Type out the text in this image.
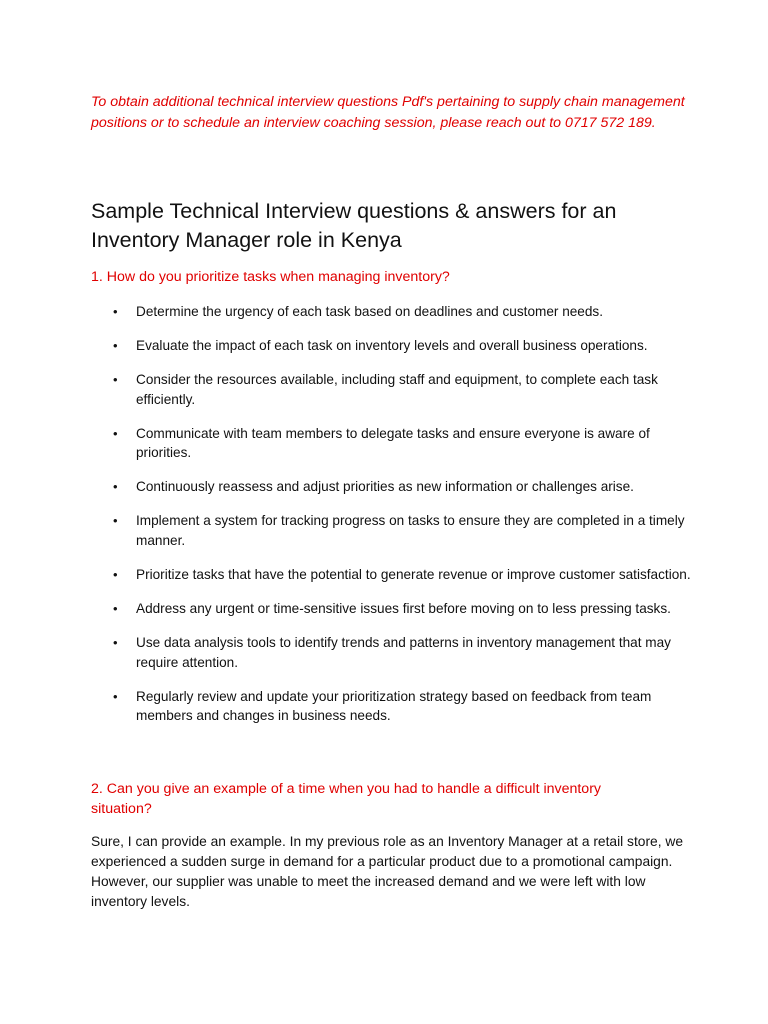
To obtain additional technical interview questions Pdf's pertaining to supply chain management positions or to schedule an interview coaching session, please reach out to 0717 572 189.

Sample Technical Interview questions & answers for an Inventory Manager role in Kenya
1. How do you prioritize tasks when managing inventory?
• Determine the urgency of each task based on deadlines and customer needs.
• Evaluate the impact of each task on inventory levels and overall business operations.
• Consider the resources available, including staff and equipment, to complete each task efficiently.
• Communicate with team members to delegate tasks and ensure everyone is aware of priorities.
• Continuously reassess and adjust priorities as new information or challenges arise.
• Implement a system for tracking progress on tasks to ensure they are completed in a timely manner.
• Prioritize tasks that have the potential to generate revenue or improve customer satisfaction.
• Address any urgent or time-sensitive issues first before moving on to less pressing tasks.
• Use data analysis tools to identify trends and patterns in inventory management that may require attention.
• Regularly review and update your prioritization strategy based on feedback from team members and changes in business needs.
2. Can you give an example of a time when you had to handle a difficult inventory situation?

Sure, I can provide an example. In my previous role as an Inventory Manager at a retail store, we experienced a sudden surge in demand for a particular product due to a promotional campaign. However, our supplier was unable to meet the increased demand and we were left with low inventory levels.
